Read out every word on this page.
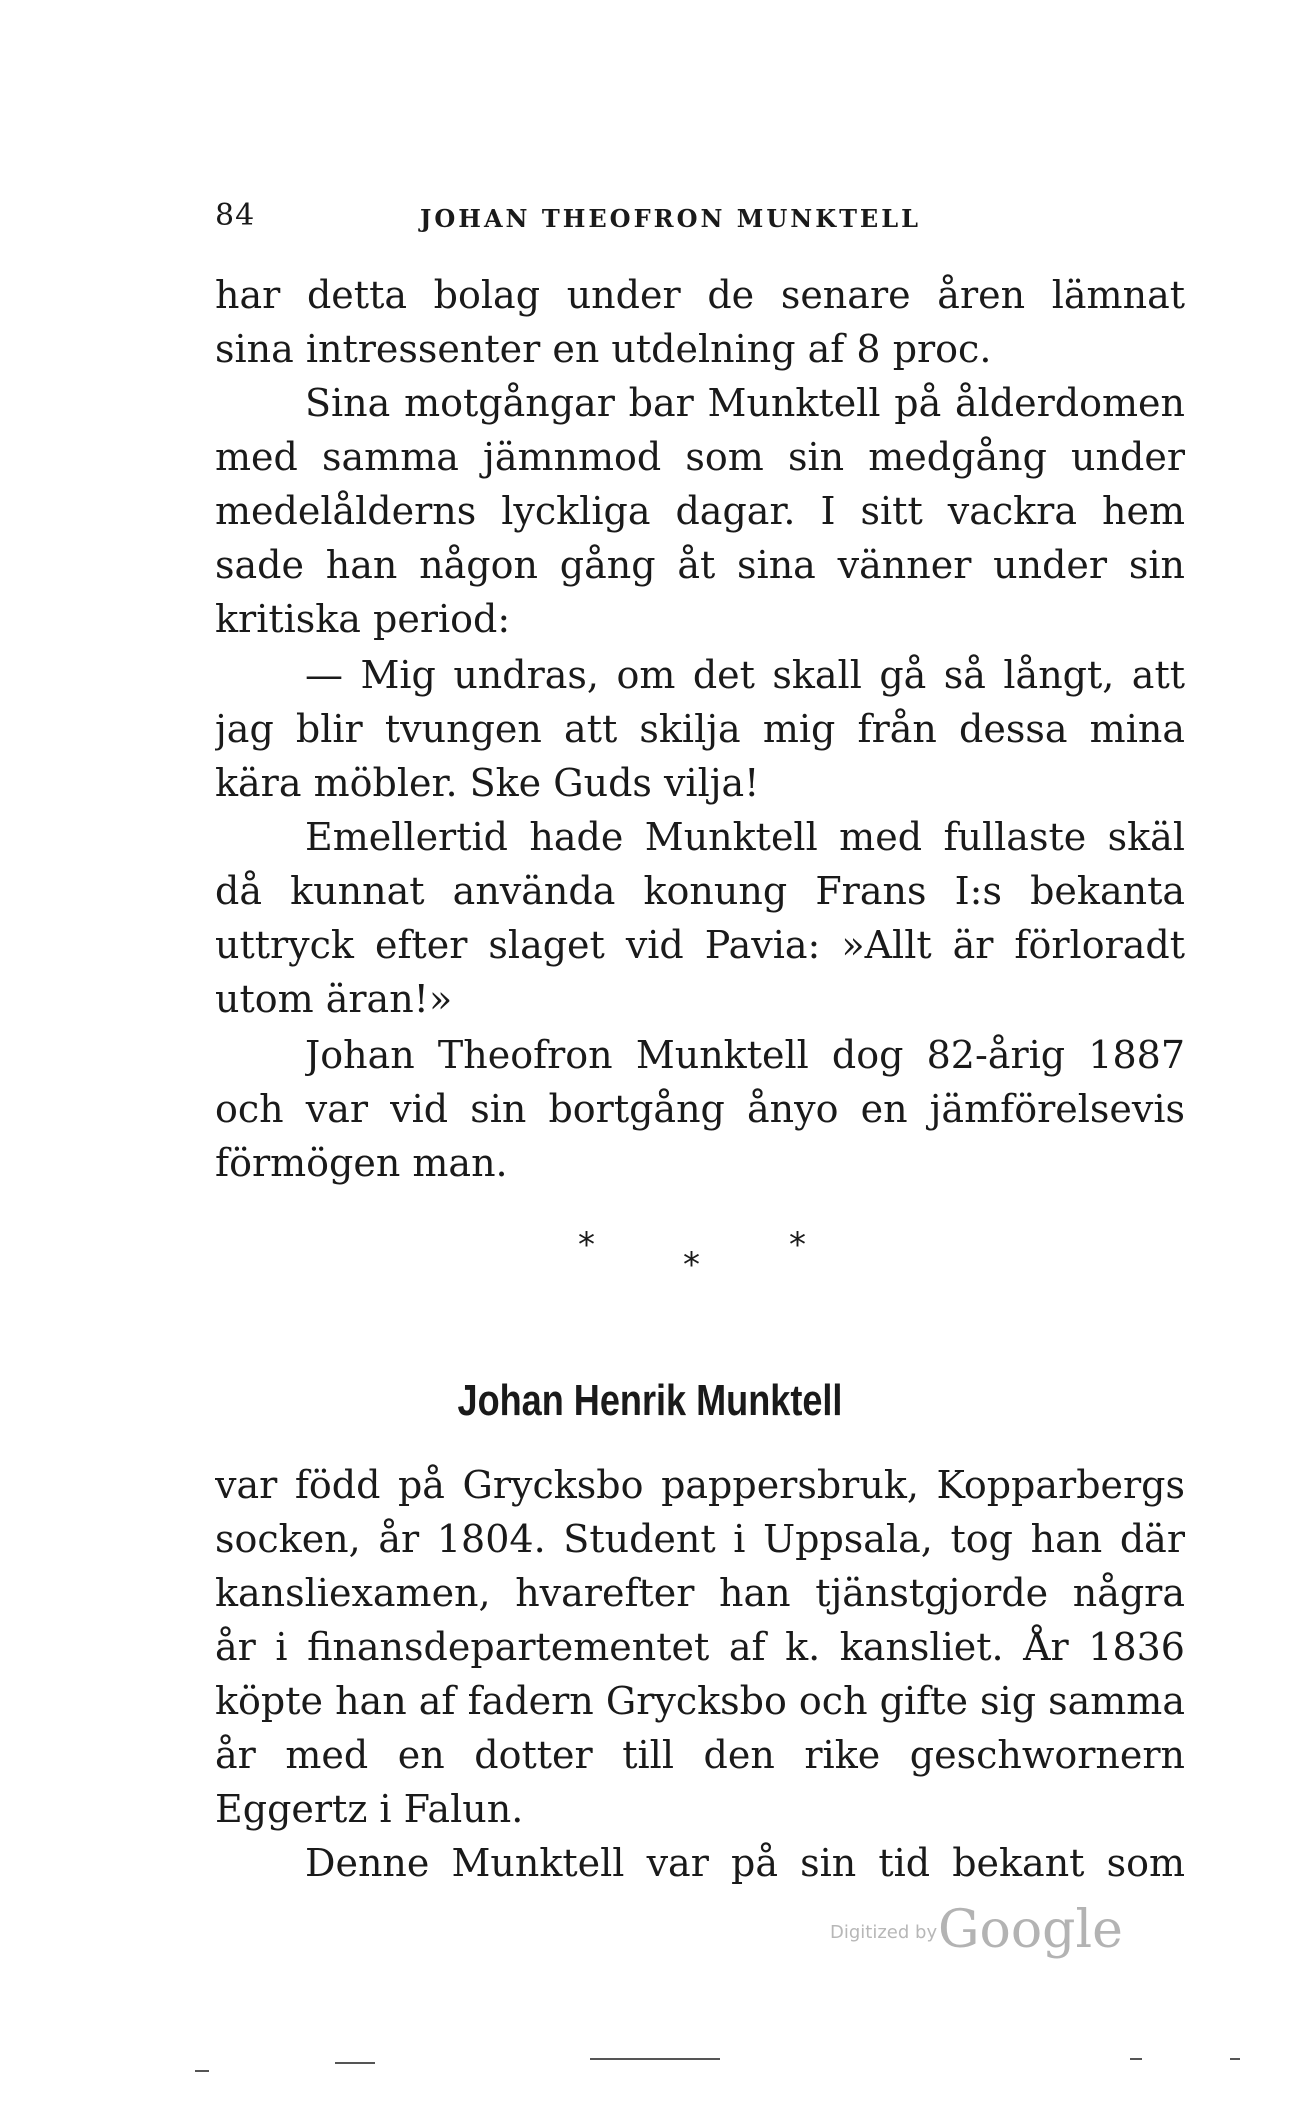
84	JOHAN THEOFRON MUNKTELL
har detta bolag under de senare åren lämnat
sina intressenter en utdelning af 8 proc.
Sina motgångar bar Munktell på ålderdomen
med samma jämnmod som sin medgång under
medelålderns lyckliga dagar. I sitt vackra hem
sade han någon gång åt sina vänner under sin
kritiska period:
— Mig undras, om det skall gå så långt, att
jag blir tvungen att skilja mig från dessa mina
kära möbler. Ske Guds vilja!
Emellertid hade Munktell med fullaste skäl
då kunnat använda konung Frans I:s bekanta
uttryck efter slaget vid Pavia: »Allt är förloradt
utom äran!»
Johan Theofron Munktell dog 82-årig 1887
och var vid sin bortgång ånyo en jämförelsevis
förmögen man.
*	*	*
Johan Henrik Munktell
var född på Grycksbo pappersbruk, Kopparbergs
socken, år 1804. Student i Uppsala, tog han där
kansliexamen, hvarefter han tjänstgjorde några
år i finansdepartementet af k. kansliet. År 1836
köpte han af fadern Grycksbo och gifte sig samma
år med en dotter till den rike geschwornern
Eggertz i Falun.
Denne Munktell var på sin tid bekant som
Digitized by Google
